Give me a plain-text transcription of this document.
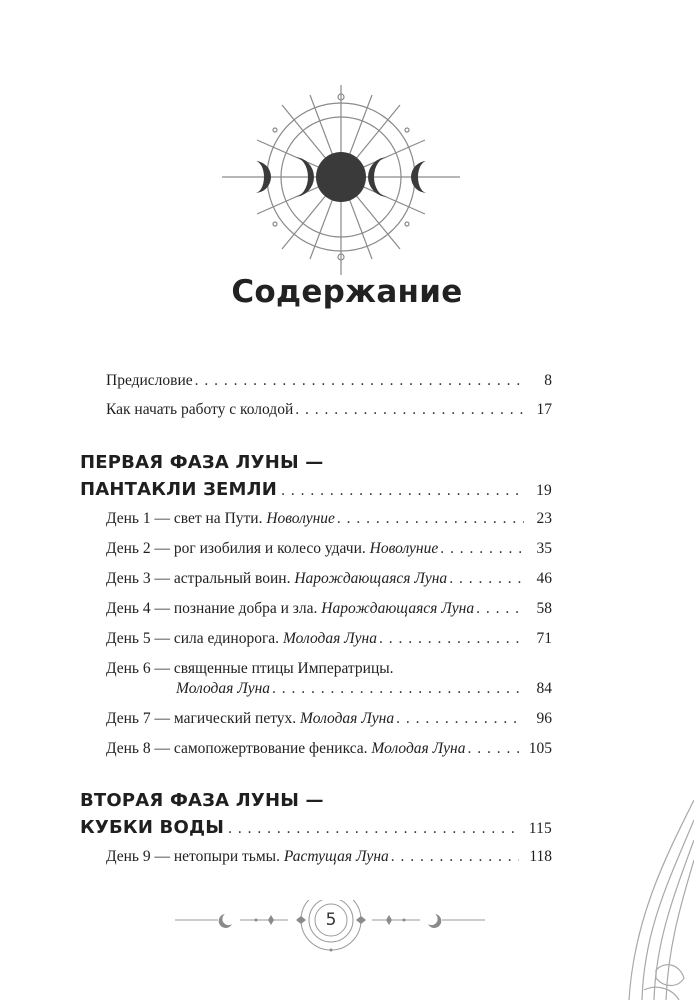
Содержание
Предисловие . . .	8
Как начать работу с колодой . . .	17
ПЕРВАЯ ФАЗА ЛУНЫ —
ПАНТАКЛИ ЗЕМЛИ . . .	19
День 1 — свет на Пути. Новолуние . . .	23
День 2 — рог изобилия и колесо удачи. Новолуние . . .	35
День 3 — астральный воин. Нарождающаяся Луна . . .	46
День 4 — познание добра и зла. Нарождающаяся Луна . . .	58
День 5 — сила единорога. Молодая Луна . . .	71
День 6 — священные птицы Императрицы.
Молодая Луна . . .	84
День 7 — магический петух. Молодая Луна . . .	96
День 8 — самопожертвование феникса. Молодая Луна . . .	105
ВТОРАЯ ФАЗА ЛУНЫ —
КУБКИ ВОДЫ . . .	115
День 9 — нетопыри тьмы. Растущая Луна . . .	118
5
